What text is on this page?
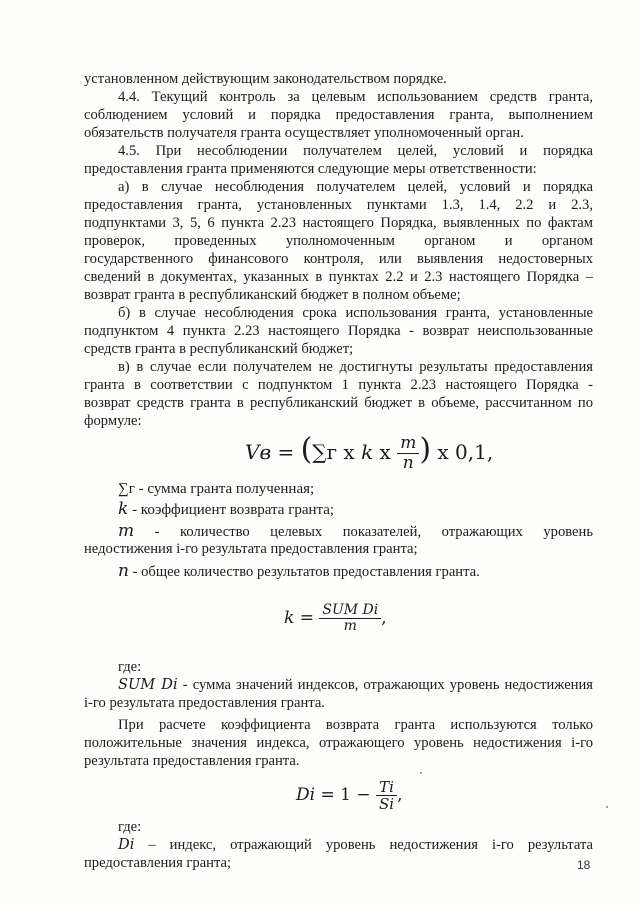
установленном действующим законодательством порядке.
4.4. Текущий контроль за целевым использованием средств гранта,
соблюдением условий и порядка предоставления гранта, выполнением
обязательств получателя гранта осуществляет уполномоченный орган.
4.5. При несоблюдении получателем целей, условий и порядка
предоставления гранта применяются следующие меры ответственности:
а) в случае несоблюдения получателем целей, условий и порядка
предоставления гранта, установленных пунктами 1.3, 1.4, 2.2 и 2.3,
подпунктами 3, 5, 6 пункта 2.23 настоящего Порядка, выявленных по фактам
проверок, проведенных уполномоченным органом и органом
государственного финансового контроля, или выявления недостоверных
сведений в документах, указанных в пунктах 2.2 и 2.3 настоящего Порядка –
возврат гранта в республиканский бюджет в полном объеме;
б) в случае несоблюдения срока использования гранта, установленные
подпунктом 4 пункта 2.23 настоящего Порядка - возврат неиспользованные
средств гранта в республиканский бюджет;
в) в случае если получателем не достигнуты результаты предоставления
гранта в соответствии с подпунктом 1 пункта 2.23 настоящего Порядка -
возврат средств гранта в республиканский бюджет в объеме, рассчитанном по
формуле:
Vв = (∑г x k x $\frac{m}{n}$ ) x 0,1,
∑г - сумма гранта полученная;
k - коэффициент возврата гранта;
m - количество целевых показателей, отражающих уровень
недостижения i-го результата предоставления гранта;
n - общее количество результатов предоставления гранта.
$k = \frac{\text{SUM Di}}{m}$ ,
где:
SUM Di - сумма значений индексов, отражающих уровень недостижения
i-го результата предоставления гранта.
При расчете коэффициента возврата гранта используются только
положительные значения индекса, отражающего уровень недостижения i-го
результата предоставления гранта.
$Di = 1 - \frac{Ti}{Si}$ ,
где:
Di – индекс, отражающий уровень недостижения i-го результата
предоставления гранта;	18
